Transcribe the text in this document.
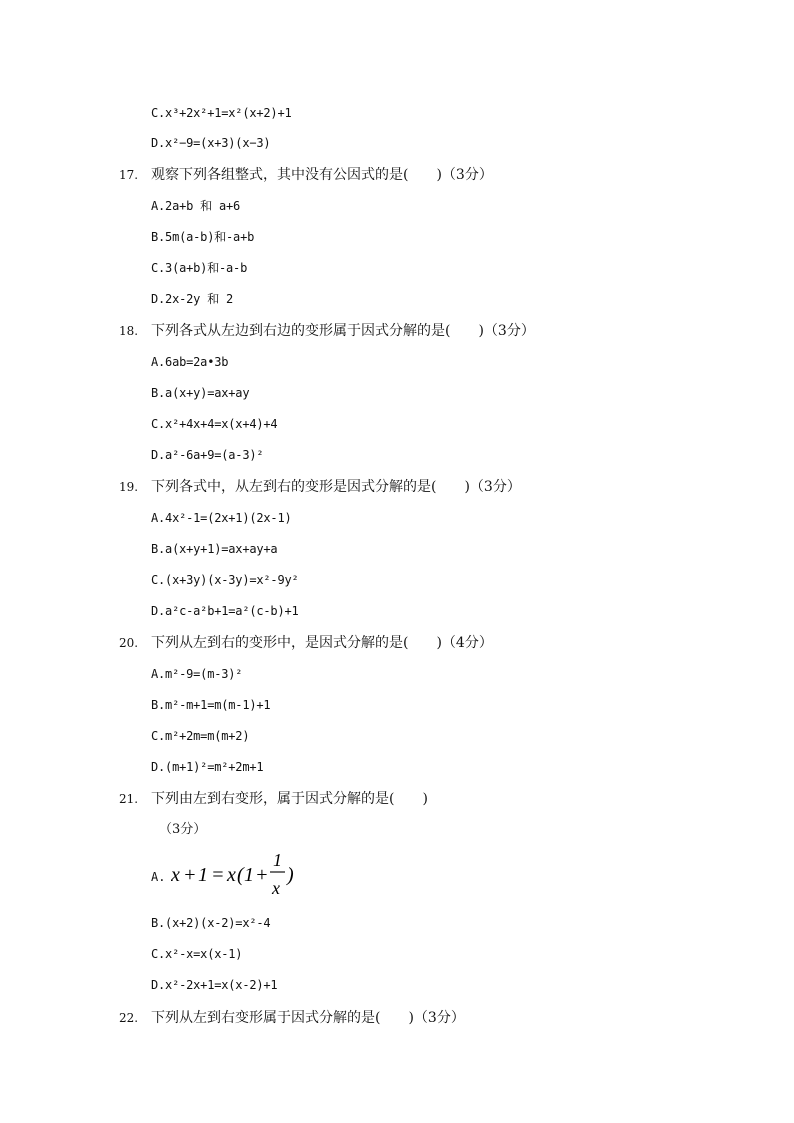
C.x³+2x²+1=x²(x+2)+1
D.x²−9=(x+3)(x−3)
17. 观察下列各组整式，其中没有公因式的是(　　)（3分）
A.2a+b 和 a+6
B.5m(a-b)和-a+b
C.3(a+b)和-a-b
D.2x-2y 和 2
18. 下列各式从左边到右边的变形属于因式分解的是(　　)（3分）
A.6ab=2a•3b
B.a(x+y)=ax+ay
C.x²+4x+4=x(x+4)+4
D.a²-6a+9=(a-3)²
19. 下列各式中，从左到右的变形是因式分解的是(　　)（3分）
A.4x²-1=(2x+1)(2x-1)
B.a(x+y+1)=ax+ay+a
C.(x+3y)(x-3y)=x²-9y²
D.a²c-a²b+1=a²(c-b)+1
20. 下列从左到右的变形中，是因式分解的是(　　)（4分）
A.m²-9=(m-3)²
B.m²-m+1=m(m-1)+1
C.m²+2m=m(m+2)
D.(m+1)²=m²+2m+1
21. 下列由左到右变形，属于因式分解的是(　　)
（3分）
A. x + 1 = x ( 1 +
1
x
)
B.(x+2)(x-2)=x²-4
C.x²-x=x(x-1)
D.x²-2x+1=x(x-2)+1
22. 下列从左到右变形属于因式分解的是(　　)（3分）
